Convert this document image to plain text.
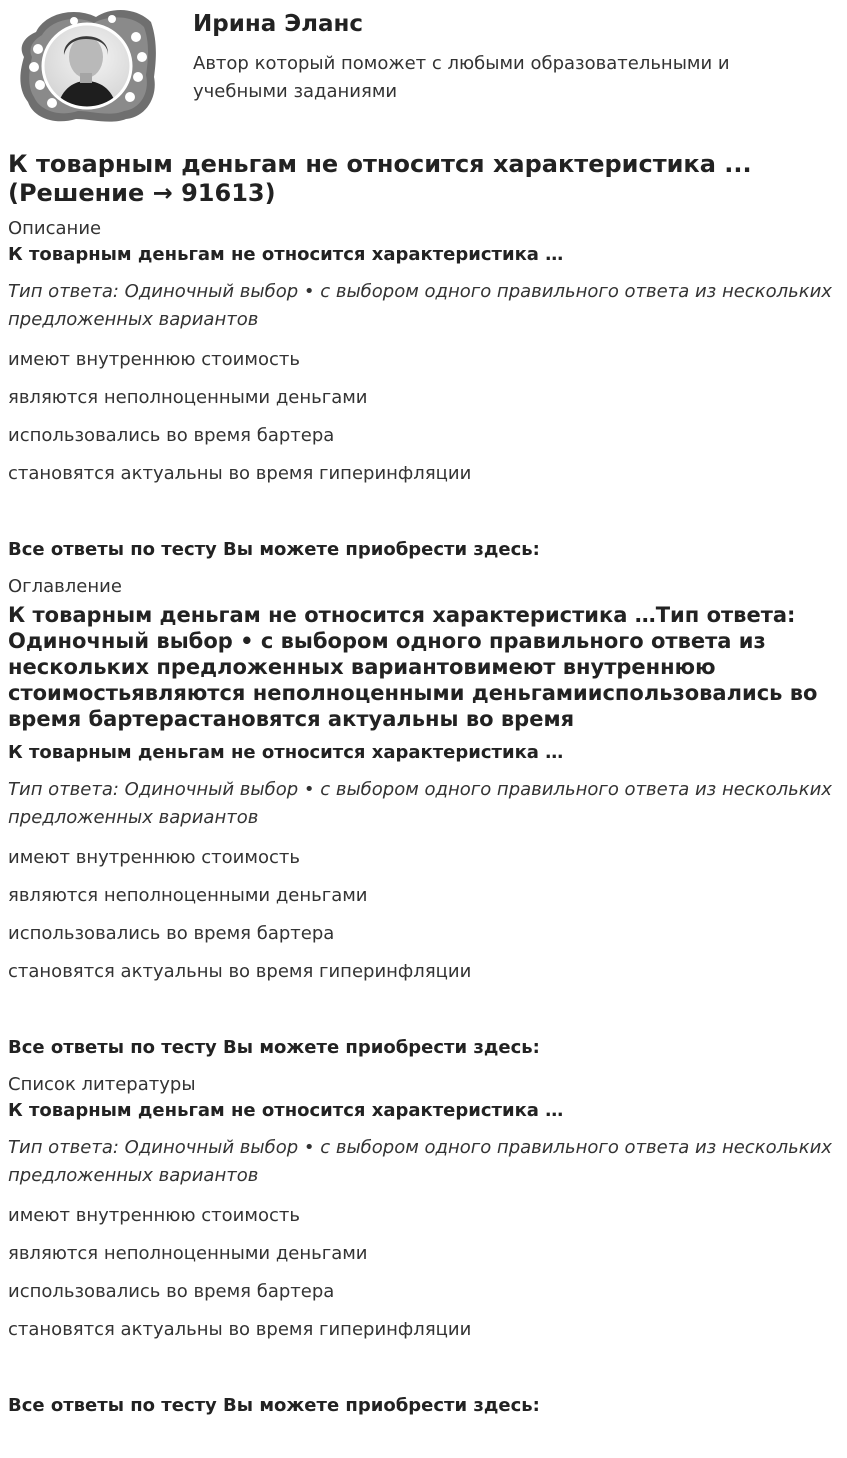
Ирина Эланс
Автор который поможет с любыми образовательными и учебными заданиями
К товарным деньгам не относится характеристика ... (Решение → 91613)
Описание
К товарным деньгам не относится характеристика …
Тип ответа: Одиночный выбор • с выбором одного правильного ответа из нескольких предложенных вариантов
имеют внутреннюю стоимость
являются неполноценными деньгами
использовались во время бартера
становятся актуальны во время гиперинфляции
Все ответы по тесту Вы можете приобрести здесь:
Оглавление
К товарным деньгам не относится характеристика …Тип ответа: Одиночный выбор • с выбором одного правильного ответа из нескольких предложенных вариантовимеют внутреннюю стоимостьявляются неполноценными деньгамииспользовались во время бартерастановятся актуальны во время
К товарным деньгам не относится характеристика …
Тип ответа: Одиночный выбор • с выбором одного правильного ответа из нескольких предложенных вариантов
имеют внутреннюю стоимость
являются неполноценными деньгами
использовались во время бартера
становятся актуальны во время гиперинфляции
Все ответы по тесту Вы можете приобрести здесь:
Список литературы
К товарным деньгам не относится характеристика …
Тип ответа: Одиночный выбор • с выбором одного правильного ответа из нескольких предложенных вариантов
имеют внутреннюю стоимость
являются неполноценными деньгами
использовались во время бартера
становятся актуальны во время гиперинфляции
Все ответы по тесту Вы можете приобрести здесь:
